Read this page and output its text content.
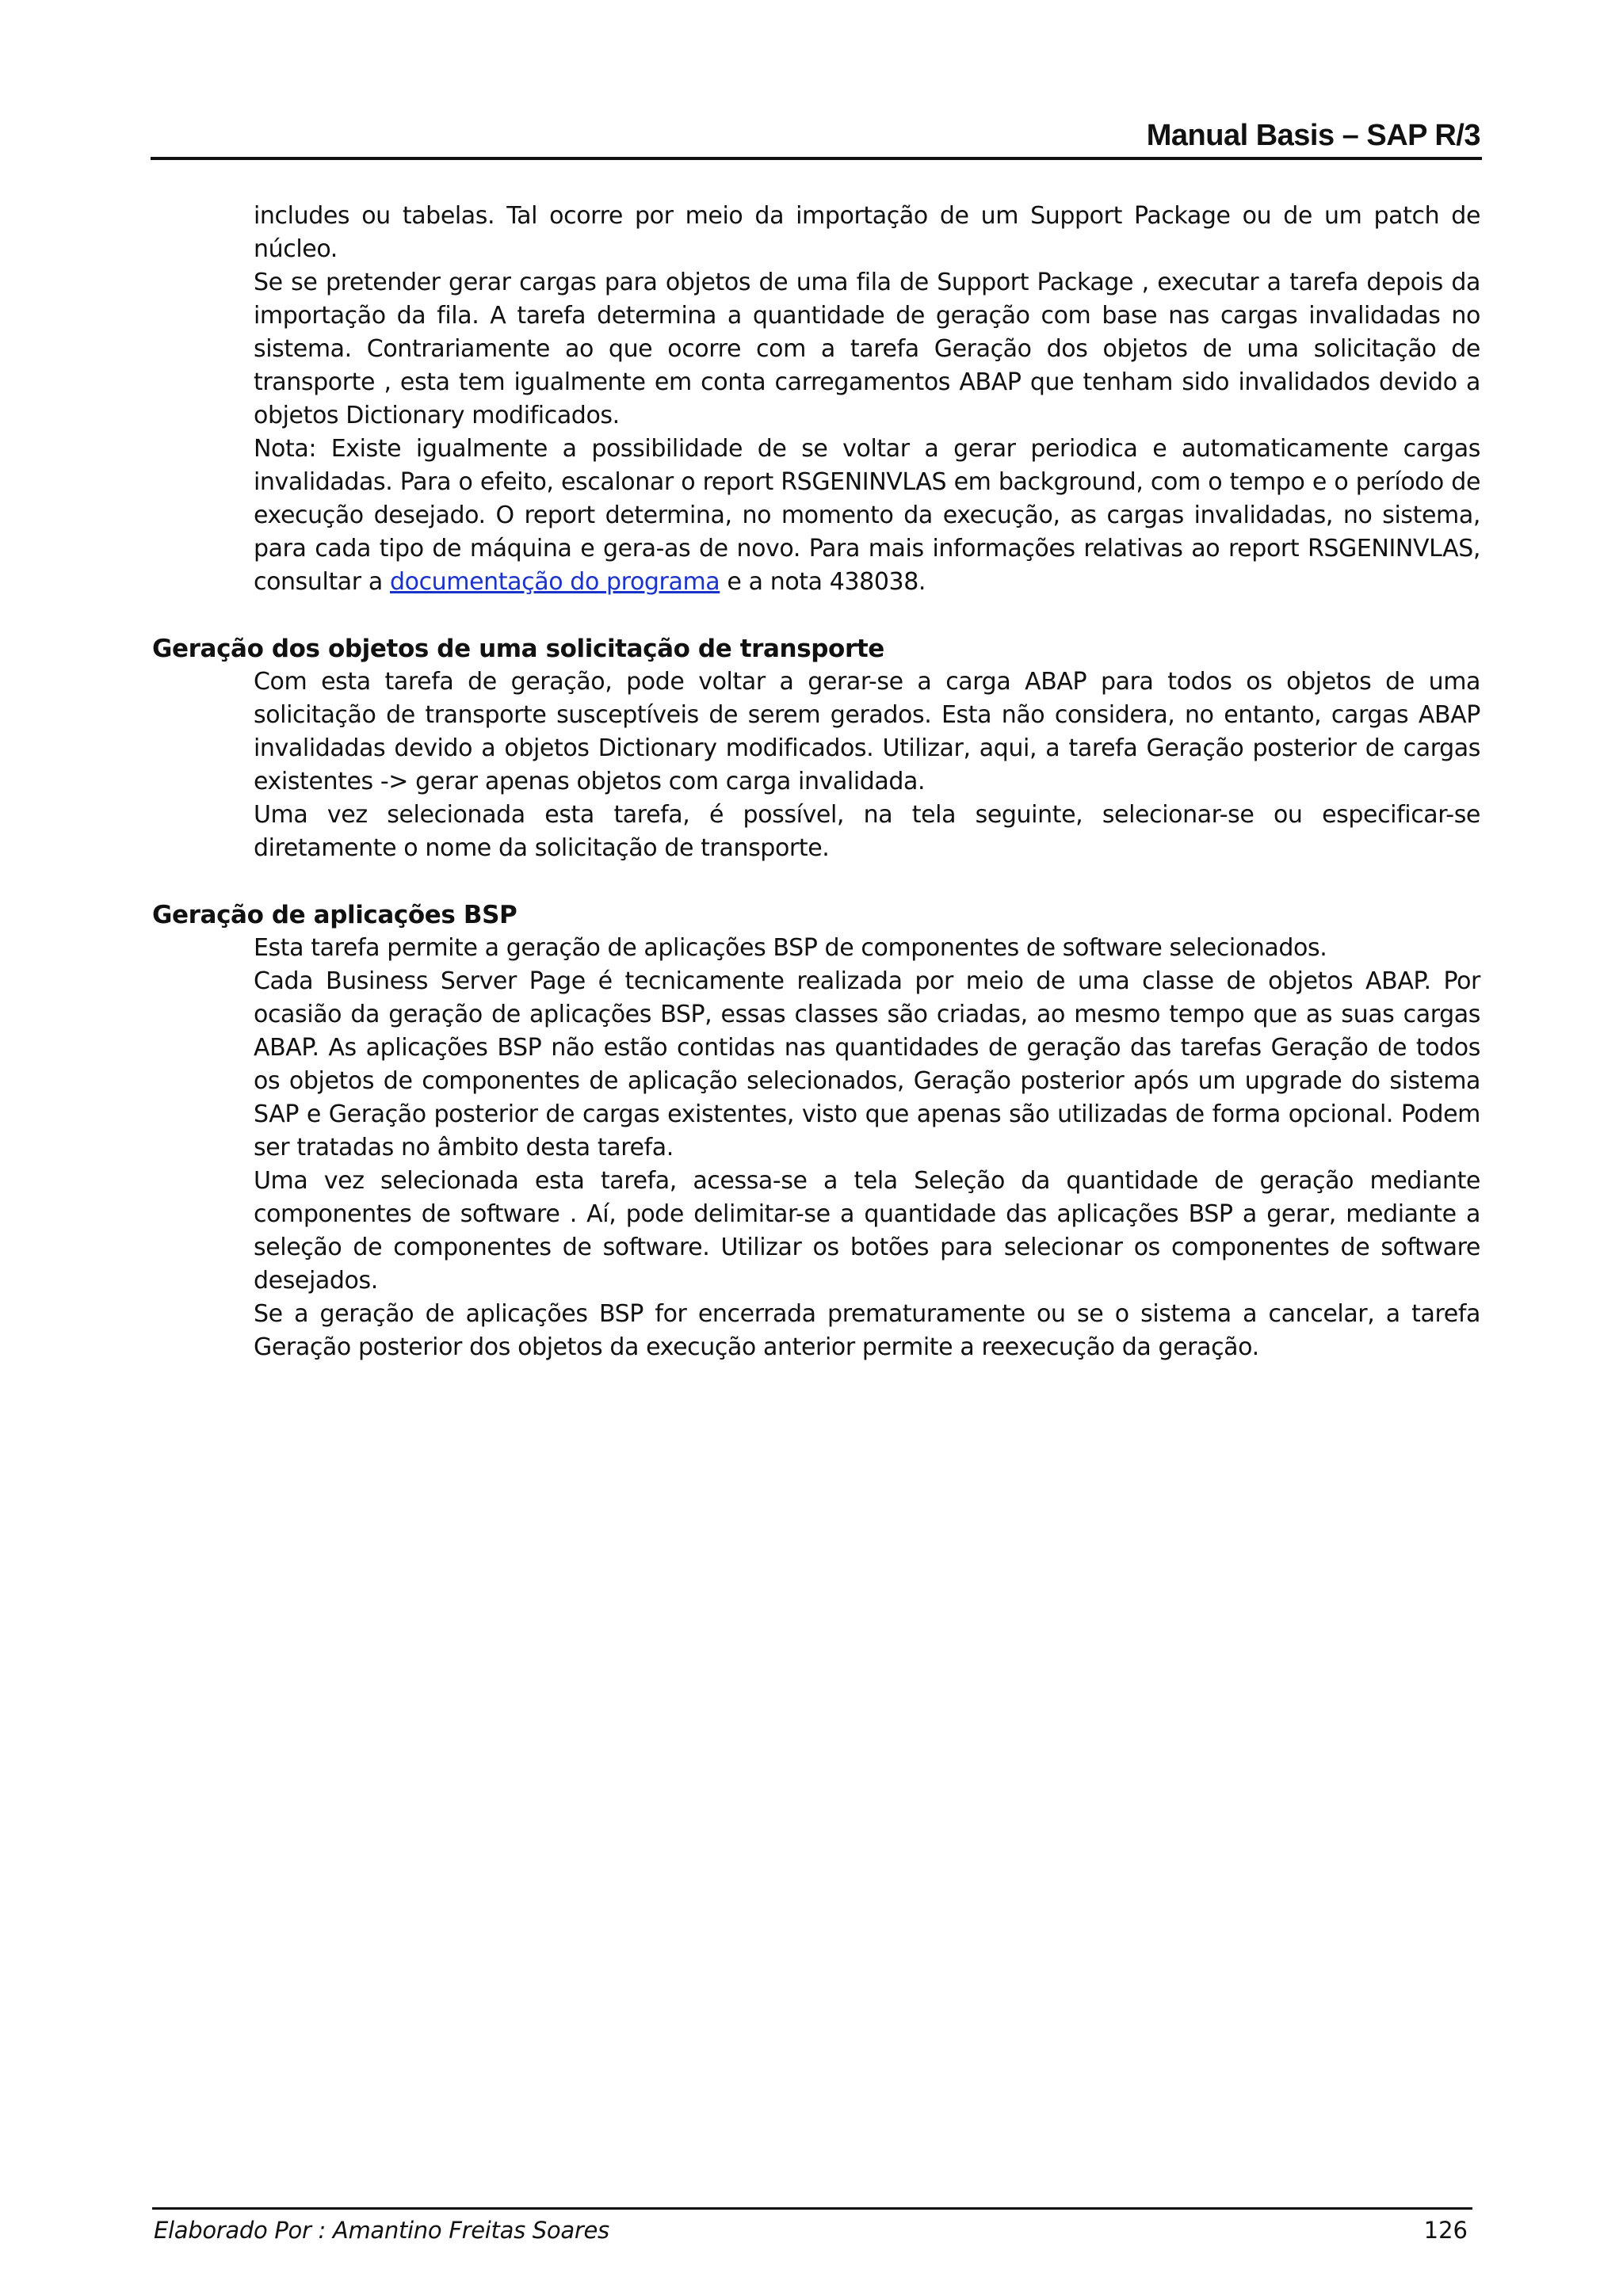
Manual Basis – SAP R/3

includes ou tabelas. Tal ocorre por meio da importação de um Support Package ou de um patch de núcleo.

Se se pretender gerar cargas para objetos de uma fila de Support Package , executar a tarefa depois da importação da fila. A tarefa determina a quantidade de geração com base nas cargas invalidadas no sistema. Contrariamente ao que ocorre com a tarefa Geração dos objetos de uma solicitação de transporte , esta tem igualmente em conta carregamentos ABAP que tenham sido invalidados devido a objetos Dictionary modificados.

Nota: Existe igualmente a possibilidade de se voltar a gerar periodica e automaticamente cargas invalidadas. Para o efeito, escalonar o report RSGENINVLAS em background, com o tempo e o período de execução desejado. O report determina, no momento da execução, as cargas invalidadas, no sistema, para cada tipo de máquina e gera-as de novo. Para mais informações relativas ao report RSGENINVLAS, consultar a documentação do programa e a nota 438038.

Geração dos objetos de uma solicitação de transporte

Com esta tarefa de geração, pode voltar a gerar-se a carga ABAP para todos os objetos de uma solicitação de transporte susceptíveis de serem gerados. Esta não considera, no entanto, cargas ABAP invalidadas devido a objetos Dictionary modificados. Utilizar, aqui, a tarefa Geração posterior de cargas existentes -> gerar apenas objetos com carga invalidada.

Uma vez selecionada esta tarefa, é possível, na tela seguinte, selecionar-se ou especificar-se diretamente o nome da solicitação de transporte.

Geração de aplicações BSP

Esta tarefa permite a geração de aplicações BSP de componentes de software selecionados.

Cada Business Server Page é tecnicamente realizada por meio de uma classe de objetos ABAP. Por ocasião da geração de aplicações BSP, essas classes são criadas, ao mesmo tempo que as suas cargas ABAP. As aplicações BSP não estão contidas nas quantidades de geração das tarefas Geração de todos os objetos de componentes de aplicação selecionados, Geração posterior após um upgrade do sistema SAP e Geração posterior de cargas existentes, visto que apenas são utilizadas de forma opcional. Podem ser tratadas no âmbito desta tarefa.

Uma vez selecionada esta tarefa, acessa-se a tela Seleção da quantidade de geração mediante componentes de software . Aí, pode delimitar-se a quantidade das aplicações BSP a gerar, mediante a seleção de componentes de software. Utilizar os botões para selecionar os componentes de software desejados.

Se a geração de aplicações BSP for encerrada prematuramente ou se o sistema a cancelar, a tarefa Geração posterior dos objetos da execução anterior permite a reexecução da geração.

Elaborado Por : Amantino Freitas Soares	126
